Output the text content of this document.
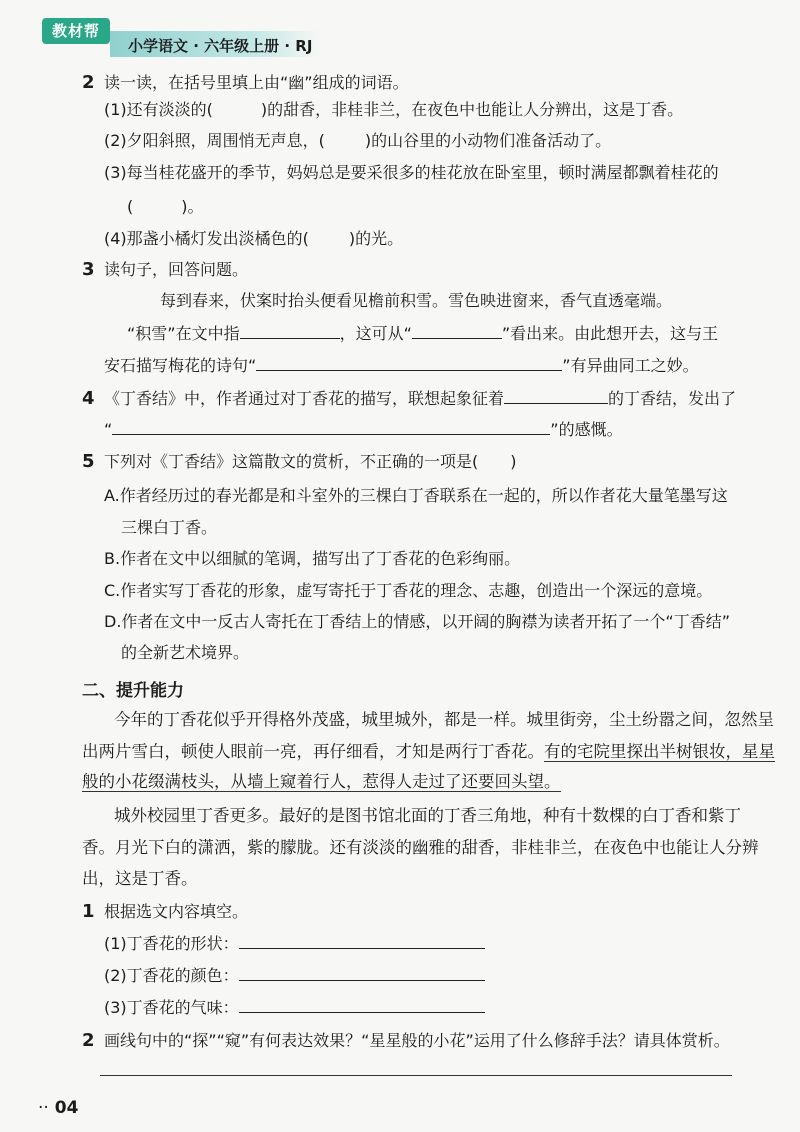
教材帮
小学语文 · 六年级上册 · RJ
2 读一读，在括号里填上由“幽”组成的词语。
(1)还有淡淡的(   	)的甜香，非桂非兰，在夜色中也能让人分辨出，这是丁香。
(2)夕阳斜照，周围悄无声息，(   	)的山谷里的小动物们准备活动了。
(3)每当桂花盛开的季节，妈妈总是要采很多的桂花放在卧室里，顿时满屋都飘着桂花的
(   	)。
(4)那盏小橘灯发出淡橘色的(   	)的光。
3 读句子，回答问题。
每到春来，伏案时抬头便看见檐前积雪。雪色映进窗来，香气直透毫端。
“积雪”在文中指	，这可从“	”看出来。由此想开去，这与王
安石描写梅花的诗句“	”有异曲同工之妙。
4 《丁香结》中，作者通过对丁香花的描写，联想起象征着	的丁香结，发出了
“	”的感慨。
5 下列对《丁香结》这篇散文的赏析，不正确的一项是(　　)
A.作者经历过的春光都是和斗室外的三棵白丁香联系在一起的，所以作者花大量笔墨写这
三棵白丁香。
B.作者在文中以细腻的笔调，描写出了丁香花的色彩绚丽。
C.作者实写丁香花的形象，虚写寄托于丁香花的理念、志趣，创造出一个深远的意境。
D.作者在文中一反古人寄托在丁香结上的情感，以开阔的胸襟为读者开拓了一个“丁香结”
的全新艺术境界。
二、提升能力
今年的丁香花似乎开得格外茂盛，城里城外，都是一样。城里街旁，尘土纷嚣之间，忽然呈
出两片雪白，顿使人眼前一亮，再仔细看，才知是两行丁香花。有的宅院里探出半树银妆，星星
般的小花缀满枝头，从墙上窥着行人，惹得人走过了还要回头望。
城外校园里丁香更多。最好的是图书馆北面的丁香三角地，种有十数棵的白丁香和紫丁
香。月光下白的潇洒，紫的朦胧。还有淡淡的幽雅的甜香，非桂非兰，在夜色中也能让人分辨
出，这是丁香。
1 根据选文内容填空。
(1)丁香花的形状：
(2)丁香花的颜色：
(3)丁香花的气味：
2 画线句中的“探”“窥”有何表达效果？“星星般的小花”运用了什么修辞手法？请具体赏析。
·· 04
